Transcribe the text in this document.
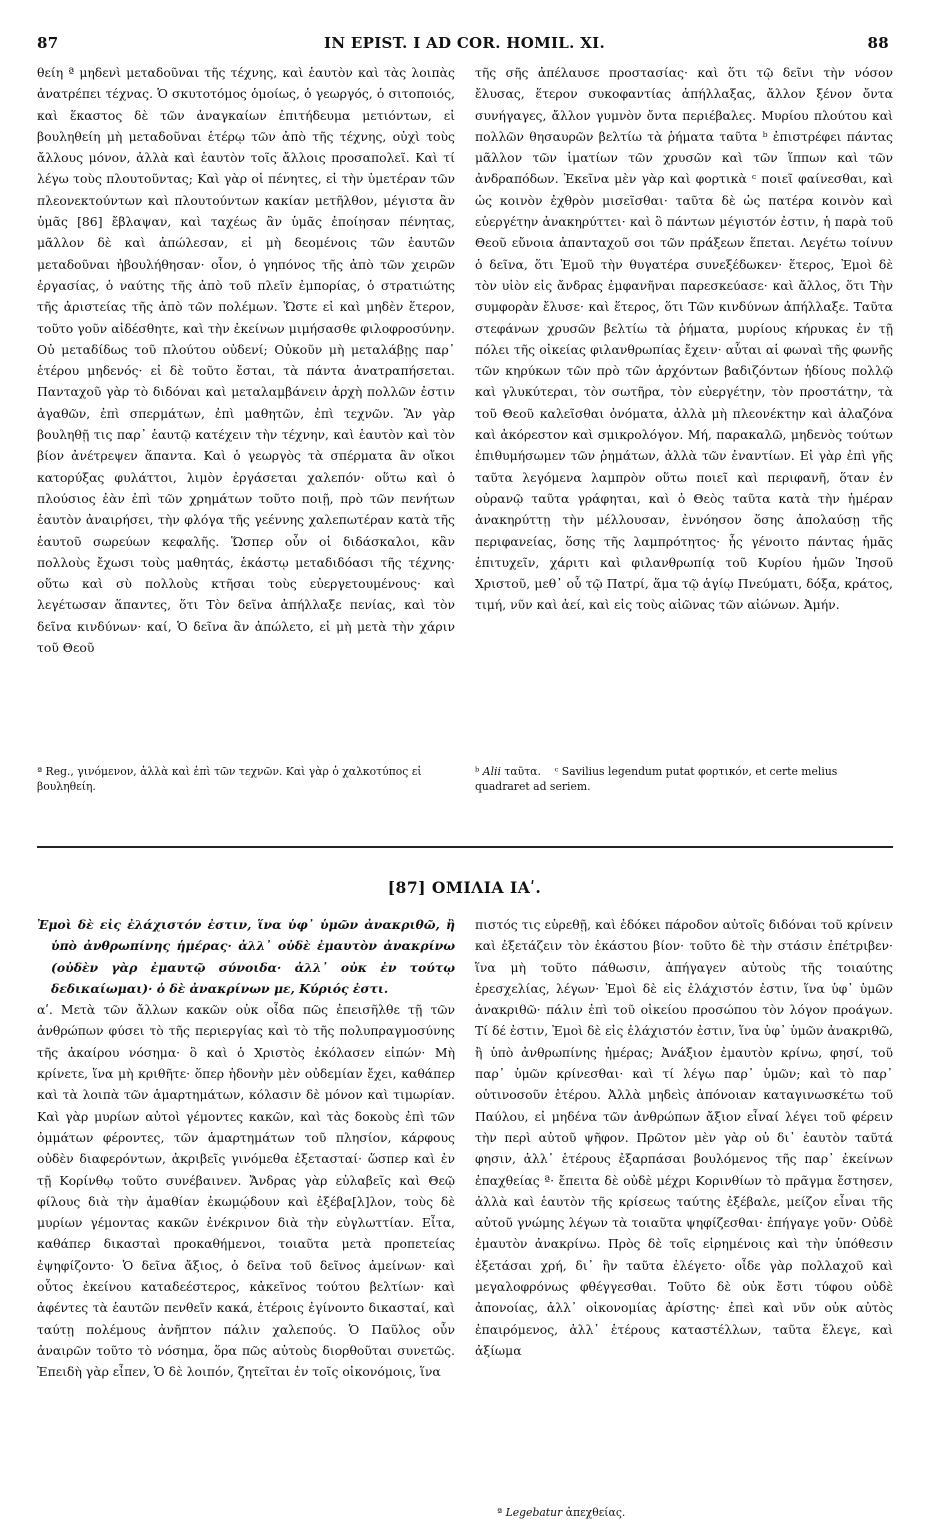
87	IN EPIST. I AD COR. HOMIL. XI.	88

θείη ª μηδενὶ μεταδοῦναι τῆς τέχνης, καὶ ἑαυτὸν καὶ τὰς λοιπὰς ἀνατρέπει τέχνας. Ὁ σκυτοτόμος ὁμοίως, ὁ γεωργός, ὁ σιτοποιός, καὶ ἕκαστος δὲ τῶν ἀναγκαίων ἐπιτήδευμα μετιόντων, εἰ βουληθείη μὴ μεταδοῦναι ἑτέρῳ τῶν ἀπὸ τῆς τέχνης, οὐχὶ τοὺς ἄλλους μόνον, ἀλλὰ καὶ ἑαυτὸν τοῖς ἄλλοις προσαπολεῖ. Καὶ τί λέγω τοὺς πλουτοῦντας; Καὶ γὰρ οἱ πένητες, εἰ τὴν ὑμετέραν τῶν πλεονεκτούντων καὶ πλουτούντων κακίαν μετῆλθον, μέγιστα ἂν ὑμᾶς [86] ἔβλαψαν, καὶ ταχέως ἂν ὑμᾶς ἐποίησαν πένητας, μᾶλλον δὲ καὶ ἀπώλεσαν, εἰ μὴ δεομένοις τῶν ἑαυτῶν μεταδοῦναι ἠβουλήθησαν· οἷον, ὁ γηπόνος τῆς ἀπὸ τῶν χειρῶν ἐργασίας, ὁ ναύτης τῆς ἀπὸ τοῦ πλεῖν ἐμπορίας, ὁ στρατιώτης τῆς ἀριστείας τῆς ἀπὸ τῶν πολέμων. Ὥστε εἰ καὶ μηδὲν ἕτερον, τοῦτο γοῦν αἰδέσθητε, καὶ τὴν ἐκείνων μιμήσασθε φιλοφροσύνην. Οὐ μεταδίδως τοῦ πλούτου οὐδενί; Οὐκοῦν μὴ μεταλάβῃς παρ᾽ ἑτέρου μηδενός· εἰ δὲ τοῦτο ἔσται, τὰ πάντα ἀνατραπήσεται. Πανταχοῦ γὰρ τὸ διδόναι καὶ μεταλαμβάνειν ἀρχὴ πολλῶν ἐστιν ἀγαθῶν, ἐπὶ σπερμάτων, ἐπὶ μαθητῶν, ἐπὶ τεχνῶν. Ἂν γὰρ βουληθῇ τις παρ᾽ ἑαυτῷ κατέχειν τὴν τέχνην, καὶ ἑαυτὸν καὶ τὸν βίον ἀνέτρεψεν ἅπαντα. Καὶ ὁ γεωργὸς τὰ σπέρματα ἂν οἴκοι κατορύξας φυλάττοι, λιμὸν ἐργάσεται χαλεπόν· οὕτω καὶ ὁ πλούσιος ἐὰν ἐπὶ τῶν χρημάτων τοῦτο ποιῇ, πρὸ τῶν πενήτων ἑαυτὸν ἀναιρήσει, τὴν φλόγα τῆς γεέννης χαλεπωτέραν κατὰ τῆς ἑαυτοῦ σωρεύων κεφαλῆς. Ὥσπερ οὖν οἱ διδάσκαλοι, κἂν πολλοὺς ἔχωσι τοὺς μαθητάς, ἑκάστῳ μεταδιδόασι τῆς τέχνης· οὕτω καὶ σὺ πολλοὺς κτῆσαι τοὺς εὐεργετουμένους· καὶ λεγέτωσαν ἅπαντες, ὅτι Τὸν δεῖνα ἀπήλλαξε πενίας, καὶ τὸν δεῖνα κινδύνων· καί, Ὁ δεῖνα ἂν ἀπώλετο, εἰ μὴ μετὰ τὴν χάριν τοῦ Θεοῦ

τῆς σῆς ἀπέλαυσε προστασίας· καὶ ὅτι τῷ δεῖνι τὴν νόσον ἔλυσας, ἕτερον συκοφαντίας ἀπήλλαξας, ἄλλον ξένον ὄντα συνήγαγες, ἄλλον γυμνὸν ὄντα περιέβαλες. Μυρίου πλούτου καὶ πολλῶν θησαυρῶν βελτίω τὰ ῥήματα ταῦτα ᵇ ἐπιστρέφει πάντας μᾶλλον τῶν ἱματίων τῶν χρυσῶν καὶ τῶν ἵππων καὶ τῶν ἀνδραπόδων. Ἐκεῖνα μὲν γὰρ καὶ φορτικὰ ᶜ ποιεῖ φαίνεσθαι, καὶ ὡς κοινὸν ἐχθρὸν μισεῖσθαι· ταῦτα δὲ ὡς πατέρα κοινὸν καὶ εὐεργέτην ἀνακηρύττει· καὶ ὃ πάντων μέγιστόν ἐστιν, ἡ παρὰ τοῦ Θεοῦ εὔνοια ἀπανταχοῦ σοι τῶν πράξεων ἕπεται. Λεγέτω τοίνυν ὁ δεῖνα, ὅτι Ἐμοῦ τὴν θυγατέρα συνεξέδωκεν· ἕτερος, Ἐμοὶ δὲ τὸν υἱὸν εἰς ἄνδρας ἐμφανῆναι παρεσκεύασε· καὶ ἄλλος, ὅτι Τὴν συμφορὰν ἔλυσε· καὶ ἕτερος, ὅτι Τῶν κινδύνων ἀπήλλαξε. Ταῦτα στεφάνων χρυσῶν βελτίω τὰ ῥήματα, μυρίους κήρυκας ἐν τῇ πόλει τῆς οἰκείας φιλανθρωπίας ἔχειν· αὗται αἱ φωναὶ τῆς φωνῆς τῶν κηρύκων τῶν πρὸ τῶν ἀρχόντων βαδιζόντων ἡδίους πολλῷ καὶ γλυκύτεραι, τὸν σωτῆρα, τὸν εὐεργέτην, τὸν προστάτην, τὰ τοῦ Θεοῦ καλεῖσθαι ὀνόματα, ἀλλὰ μὴ πλεονέκτην καὶ ἀλαζόνα καὶ ἀκόρεστον καὶ σμικρολόγον. Μή, παρακαλῶ, μηδενὸς τούτων ἐπιθυμήσωμεν τῶν ῥημάτων, ἀλλὰ τῶν ἐναντίων. Εἰ γὰρ ἐπὶ γῆς ταῦτα λεγόμενα λαμπρὸν οὕτω ποιεῖ καὶ περιφανῆ, ὅταν ἐν οὐρανῷ ταῦτα γράφηται, καὶ ὁ Θεὸς ταῦτα κατὰ τὴν ἡμέραν ἀνακηρύττῃ τὴν μέλλουσαν, ἐννόησον ὅσης ἀπολαύσῃ τῆς περιφανείας, ὅσης τῆς λαμπρότητος· ἧς γένοιτο πάντας ἡμᾶς ἐπιτυχεῖν, χάριτι καὶ φιλανθρωπίᾳ τοῦ Κυρίου ἡμῶν Ἰησοῦ Χριστοῦ, μεθ᾽ οὗ τῷ Πατρί, ἅμα τῷ ἁγίῳ Πνεύματι, δόξα, κράτος, τιμή, νῦν καὶ ἀεί, καὶ εἰς τοὺς αἰῶνας τῶν αἰώνων. Ἀμήν.

ª Reg., γινόμενον, ἀλλὰ καὶ ἐπὶ τῶν τεχνῶν. Καὶ γὰρ ὁ χαλκοτύπος εἰ βουληθείη.
ᵇ Alii ταῦτα. ᶜ Savilius legendum putat φορτικόν, et certe melius quadraret ad seriem.
[87] ΟΜΙΛΙΑ ΙΑʹ.

Ἐμοὶ δὲ εἰς ἐλάχιστόν ἐστιν, ἵνα ὑφ᾽ ὑμῶν ἀνακριθῶ, ἢ ὑπὸ ἀνθρωπίνης ἡμέρας· ἀλλ᾽ οὐδὲ ἐμαυτὸν ἀνακρίνω (οὐδὲν γὰρ ἐμαυτῷ σύνοιδα· ἀλλ᾽ οὐκ ἐν τούτῳ δεδικαίωμαι)· ὁ δὲ ἀνακρίνων με, Κύριός ἐστι.

αʹ. Μετὰ τῶν ἄλλων κακῶν οὐκ οἶδα πῶς ἐπεισῆλθε τῇ τῶν ἀνθρώπων φύσει τὸ τῆς περιεργίας καὶ τὸ τῆς πολυπραγμοσύνης τῆς ἀκαίρου νόσημα· ὃ καὶ ὁ Χριστὸς ἐκόλασεν εἰπών· Μὴ κρίνετε, ἵνα μὴ κριθῆτε· ὅπερ ἡδονὴν μὲν οὐδεμίαν ἔχει, καθάπερ καὶ τὰ λοιπὰ τῶν ἁμαρτημάτων, κόλασιν δὲ μόνον καὶ τιμωρίαν. Καὶ γὰρ μυρίων αὐτοὶ γέμοντες κακῶν, καὶ τὰς δοκοὺς ἐπὶ τῶν ὀμμάτων φέροντες, τῶν ἁμαρτημάτων τοῦ πλησίον, κάρφους οὐδὲν διαφερόντων, ἀκριβεῖς γινόμεθα ἐξετασταί· ὥσπερ καὶ ἐν τῇ Κορίνθῳ τοῦτο συνέβαινεν. Ἄνδρας γὰρ εὐλαβεῖς καὶ Θεῷ φίλους διὰ τὴν ἀμαθίαν ἐκωμῴδουν καὶ ἐξέβα[λ]λον, τοὺς δὲ μυρίων γέμοντας κακῶν ἐνέκρινον διὰ τὴν εὐγλωττίαν. Εἶτα, καθάπερ δικασταὶ προκαθήμενοι, τοιαῦτα μετὰ προπετείας ἐψηφίζοντο· Ὁ δεῖνα ἄξιος, ὁ δεῖνα τοῦ δεῖνος ἀμείνων· καὶ οὗτος ἐκείνου καταδεέστερος, κἀκεῖνος τούτου βελτίων· καὶ ἀφέντες τὰ ἑαυτῶν πενθεῖν κακά, ἑτέροις ἐγίνοντο δικασταί, καὶ ταύτῃ πολέμους ἀνῆπτον πάλιν χαλεπούς. Ὁ Παῦλος οὖν ἀναιρῶν τοῦτο τὸ νόσημα, ὅρα πῶς αὐτοὺς διορθοῦται συνετῶς. Ἐπειδὴ γὰρ εἶπεν, Ὁ δὲ λοιπόν, ζητεῖται ἐν τοῖς οἰκονόμοις, ἵνα

πιστός τις εὑρεθῇ, καὶ ἐδόκει πάροδον αὐτοῖς διδόναι τοῦ κρίνειν καὶ ἐξετάζειν τὸν ἑκάστου βίον· τοῦτο δὲ τὴν στάσιν ἐπέτριβεν· ἵνα μὴ τοῦτο πάθωσιν, ἀπήγαγεν αὐτοὺς τῆς τοιαύτης ἐρεσχελίας, λέγων· Ἐμοὶ δὲ εἰς ἐλάχιστόν ἐστιν, ἵνα ὑφ᾽ ὑμῶν ἀνακριθῶ· πάλιν ἐπὶ τοῦ οἰκείου προσώπου τὸν λόγον προάγων. Τί δέ ἐστιν, Ἐμοὶ δὲ εἰς ἐλάχιστόν ἐστιν, ἵνα ὑφ᾽ ὑμῶν ἀνακριθῶ, ἢ ὑπὸ ἀνθρωπίνης ἡμέρας; Ἀνάξιον ἐμαυτὸν κρίνω, φησί, τοῦ παρ᾽ ὑμῶν κρίνεσθαι· καὶ τί λέγω παρ᾽ ὑμῶν; καὶ τὸ παρ᾽ οὑτινοσοῦν ἑτέρου. Ἀλλὰ μηδεὶς ἀπόνοιαν καταγινωσκέτω τοῦ Παύλου, εἰ μηδένα τῶν ἀνθρώπων ἄξιον εἶναί λέγει τοῦ φέρειν τὴν περὶ αὐτοῦ ψῆφον. Πρῶτον μὲν γὰρ οὐ δι᾽ ἑαυτὸν ταῦτά φησιν, ἀλλ᾽ ἑτέρους ἐξαρπάσαι βουλόμενος τῆς παρ᾽ ἐκείνων ἐπαχθείας ª· ἔπειτα δὲ οὐδὲ μέχρι Κορινθίων τὸ πρᾶγμα ἔστησεν, ἀλλὰ καὶ ἑαυτὸν τῆς κρίσεως ταύτης ἐξέβαλε, μείζον εἶναι τῆς αὐτοῦ γνώμης λέγων τὰ τοιαῦτα ψηφίζεσθαι· ἐπήγαγε γοῦν· Οὐδὲ ἐμαυτὸν ἀνακρίνω. Πρὸς δὲ τοῖς εἰρημένοις καὶ τὴν ὑπόθεσιν ἐξετάσαι χρή, δι᾽ ἣν ταῦτα ἐλέγετο· οἶδε γὰρ πολλαχοῦ καὶ μεγαλοφρόνως φθέγγεσθαι. Τοῦτο δὲ οὐκ ἔστι τύφου οὐδὲ ἀπονοίας, ἀλλ᾽ οἰκονομίας ἀρίστης· ἐπεὶ καὶ νῦν οὐκ αὐτὸς ἐπαιρόμενος, ἀλλ᾽ ἑτέρους καταστέλλων, ταῦτα ἔλεγε, καὶ ἀξίωμα

ª Legebatur ἀπεχθείας.
